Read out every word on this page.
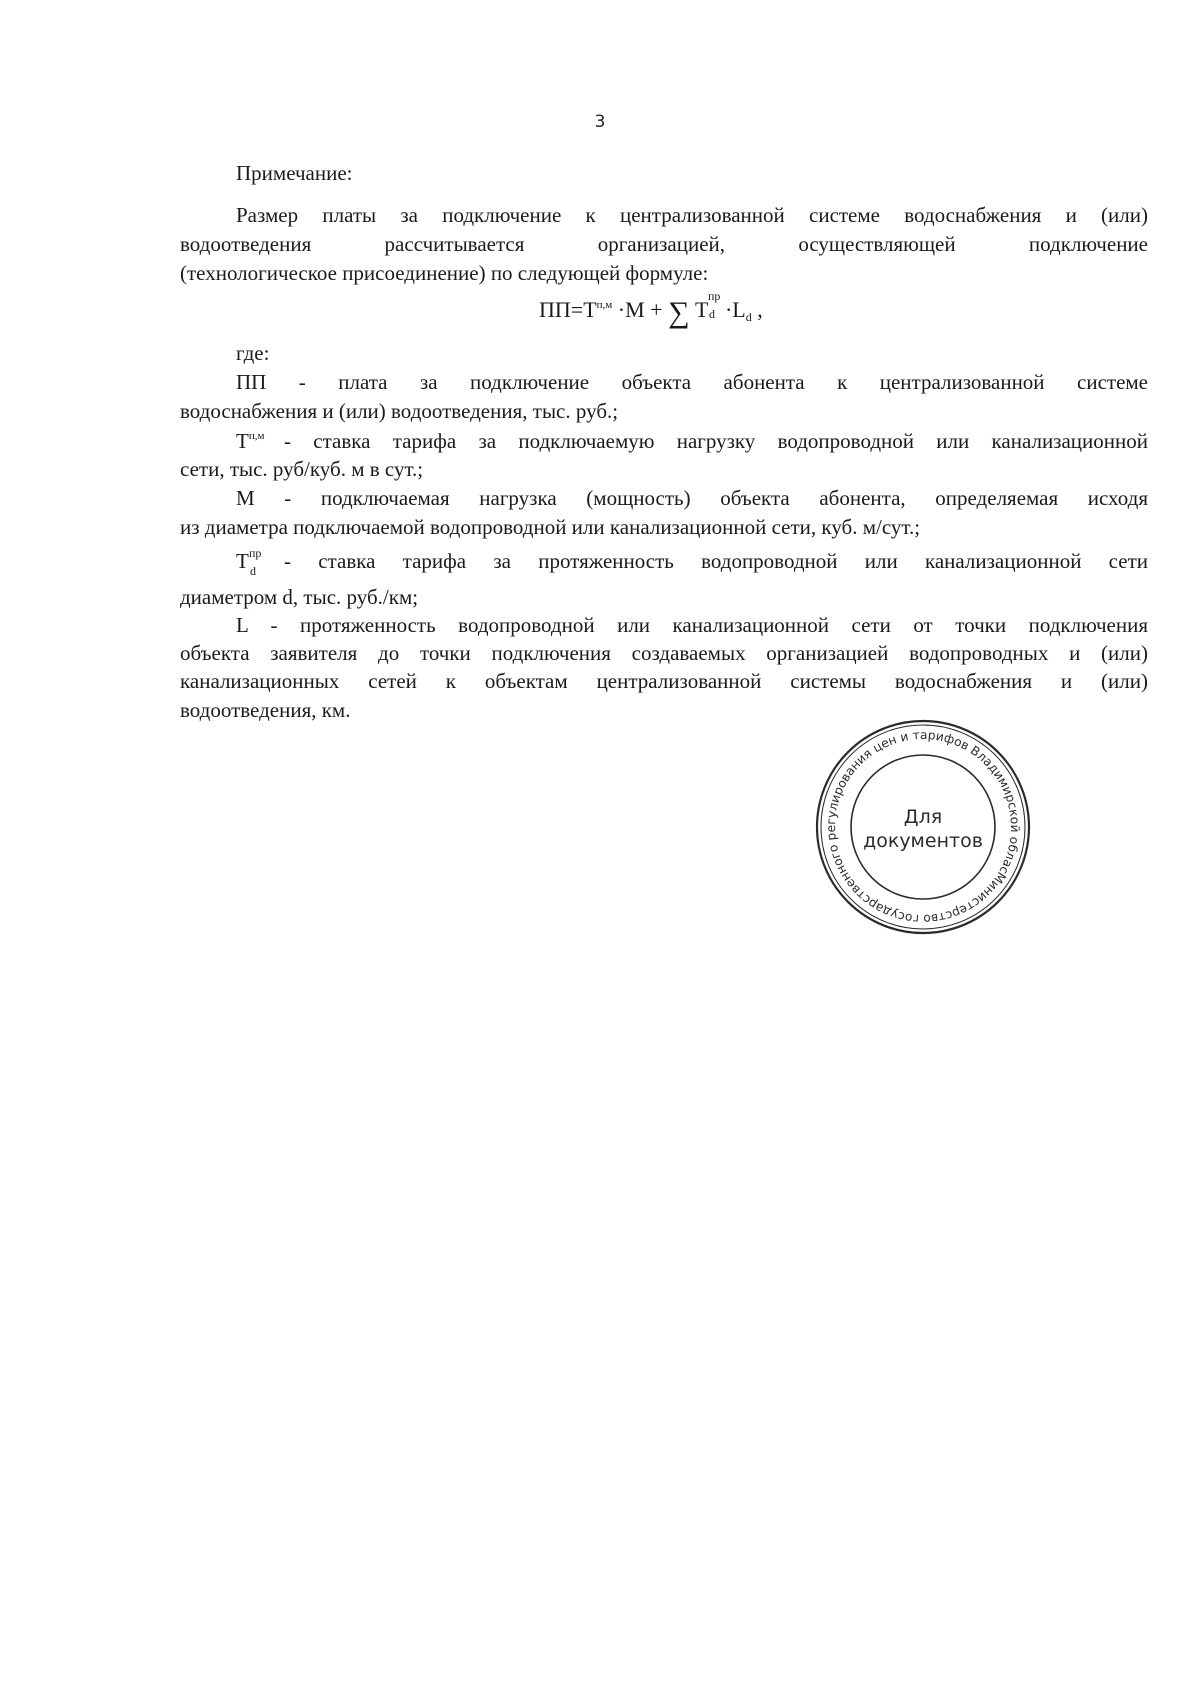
3
Примечание:
Размер платы за подключение к централизованной системе водоснабжения и (или)
водоотведения рассчитывается организацией, осуществляющей подключение
(технологическое присоединение) по следующей формуле:
$ПП=Т^{п,м} \cdot М$ + ∑ Т
пр
$d \cdot L_d$ ,
где:
ПП - плата за подключение объекта абонента к централизованной системе
водоснабжения и (или) водоотведения, тыс. руб.;
$Т^{п,м}$ - ставка тарифа за подключаемую нагрузку водопроводной или канализационной
сети, тыс. руб/куб. м в сут.;
М - подключаемая нагрузка (мощность) объекта абонента, определяемая исходя
из диаметра подключаемой водопроводной или канализационной сети, куб. м/сут.;
Т пр
d - ставка тарифа за протяженность водопроводной или канализационной сети
диаметром d, тыс. руб./км;
L - протяженность водопроводной или канализационной сети от точки подключения
объекта заявителя до точки подключения создаваемых организацией водопроводных и (или)
канализационных сетей к объектам централизованной системы водоснабжения и (или)
водоотведения, км.
Министерство государственного регулирования цен и тарифов Владимирской облас
Для
документов
